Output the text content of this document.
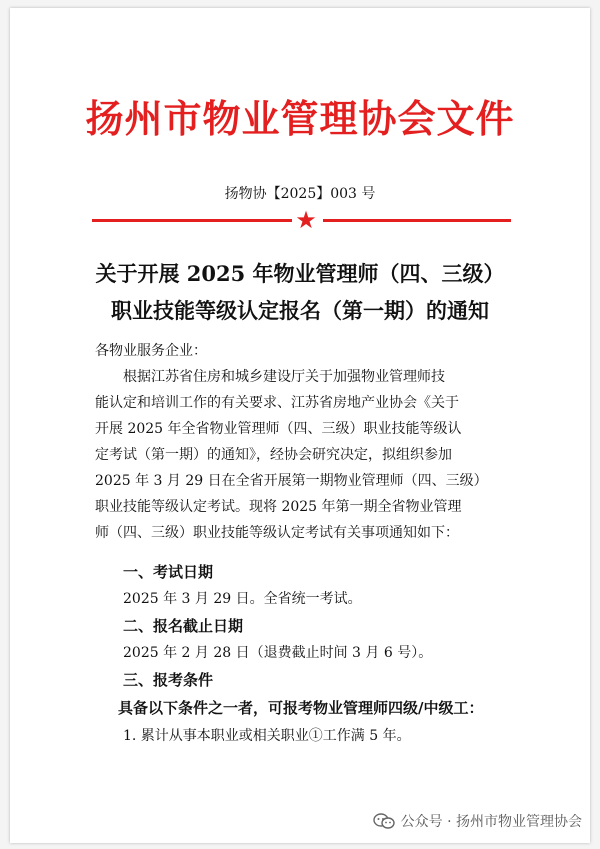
扬州市物业管理协会文件
扬物协【2025】003 号
★
关于开展 2025 年物业管理师（四、三级）
职业技能等级认定报名（第一期）的通知
各物业服务企业：
根据江苏省住房和城乡建设厅关于加强物业管理师技
能认定和培训工作的有关要求、江苏省房地产业协会《关于
开展 2025 年全省物业管理师（四、三级）职业技能等级认
定考试（第一期）的通知》，经协会研究决定，拟组织参加
2025 年 3 月 29 日在全省开展第一期物业管理师（四、三级）
职业技能等级认定考试。现将 2025 年第一期全省物业管理
师（四、三级）职业技能等级认定考试有关事项通知如下：
一、考试日期
2025 年 3 月 29 日。全省统一考试。
二、报名截止日期
2025 年 2 月 28 日（退费截止时间 3 月 6 号）。
三、报考条件
具备以下条件之一者，可报考物业管理师四级/中级工：
1. 累计从事本职业或相关职业①工作满 5 年。
公众号 · 扬州市物业管理协会
